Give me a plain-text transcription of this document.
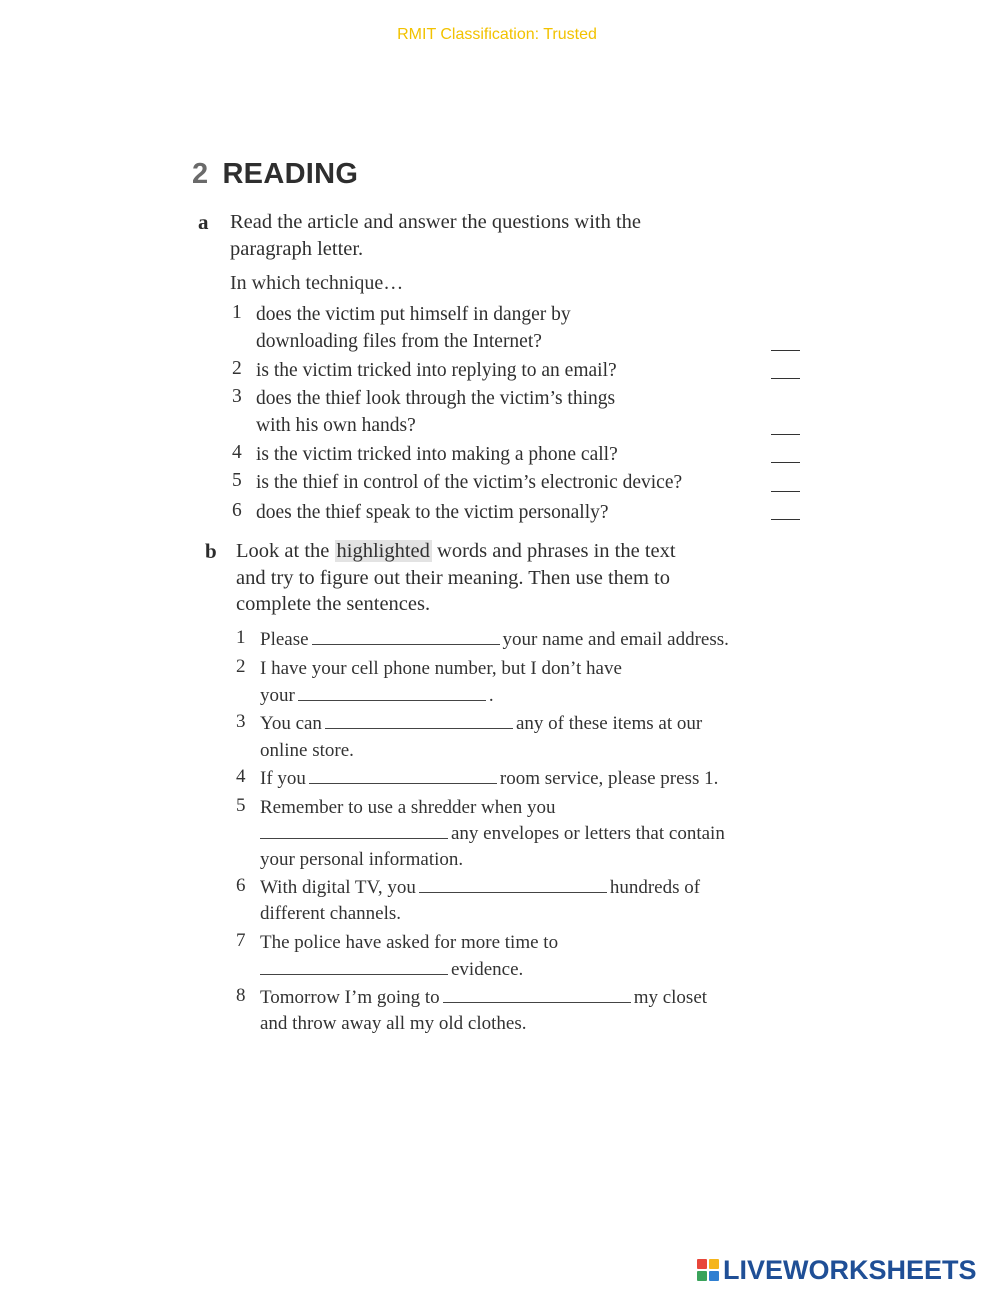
RMIT Classification: Trusted
2 READING
a Read the article and answer the questions with the
paragraph letter.
In which technique…
1 does the victim put himself in danger by
downloading files from the Internet?
2 is the victim tricked into replying to an email?
3 does the thief look through the victim’s things
with his own hands?
4 is the victim tricked into making a phone call?
5 is the thief in control of the victim’s electronic device?
6 does the thief speak to the victim personally?
b Look at the highlighted words and phrases in the text
and try to figure out their meaning. Then use them to
complete the sentences.
1 Please	your name and email address.
2 I have your cell phone number, but I don’t have
your	.
3 You can	any of these items at our
online store.
4 If you	room service, please press 1.
5 Remember to use a shredder when you
any envelopes or letters that contain
your personal information.
6 With digital TV, you	hundreds of
different channels.
7 The police have asked for more time to
evidence.
8 Tomorrow I’m going to	my closet
and throw away all my old clothes.
LIVEWORKSHEETS
